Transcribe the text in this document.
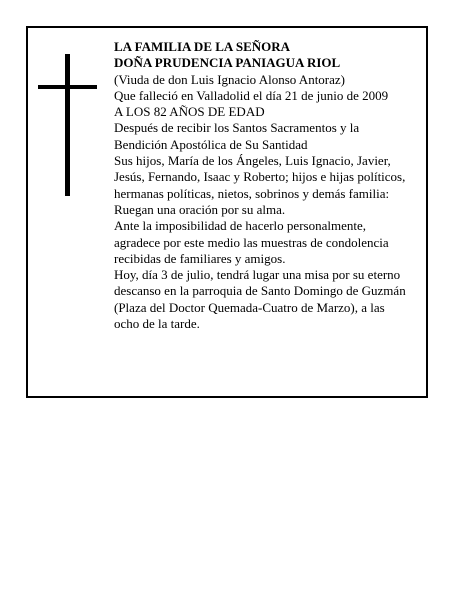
LA FAMILIA DE LA SEÑORA
DOÑA PRUDENCIA PANIAGUA RIOL
(Viuda de don Luis Ignacio Alonso Antoraz)
Que falleció en Valladolid el día 21 de junio de 2009
A LOS 82 AÑOS DE EDAD
Después de recibir los Santos Sacramentos y la
Bendición Apostólica de Su Santidad
Sus hijos, María de los Ángeles, Luis Ignacio, Javier,
Jesús, Fernando, Isaac y Roberto; hijos e hijas políticos,
hermanas políticas, nietos, sobrinos y demás familia:
Ruegan una oración por su alma.
Ante la imposibilidad de hacerlo personalmente,
agradece por este medio las muestras de condolencia
recibidas de familiares y amigos.
Hoy, día 3 de julio, tendrá lugar una misa por su eterno
descanso en la parroquia de Santo Domingo de Guzmán
(Plaza del Doctor Quemada-Cuatro de Marzo), a las
ocho de la tarde.
